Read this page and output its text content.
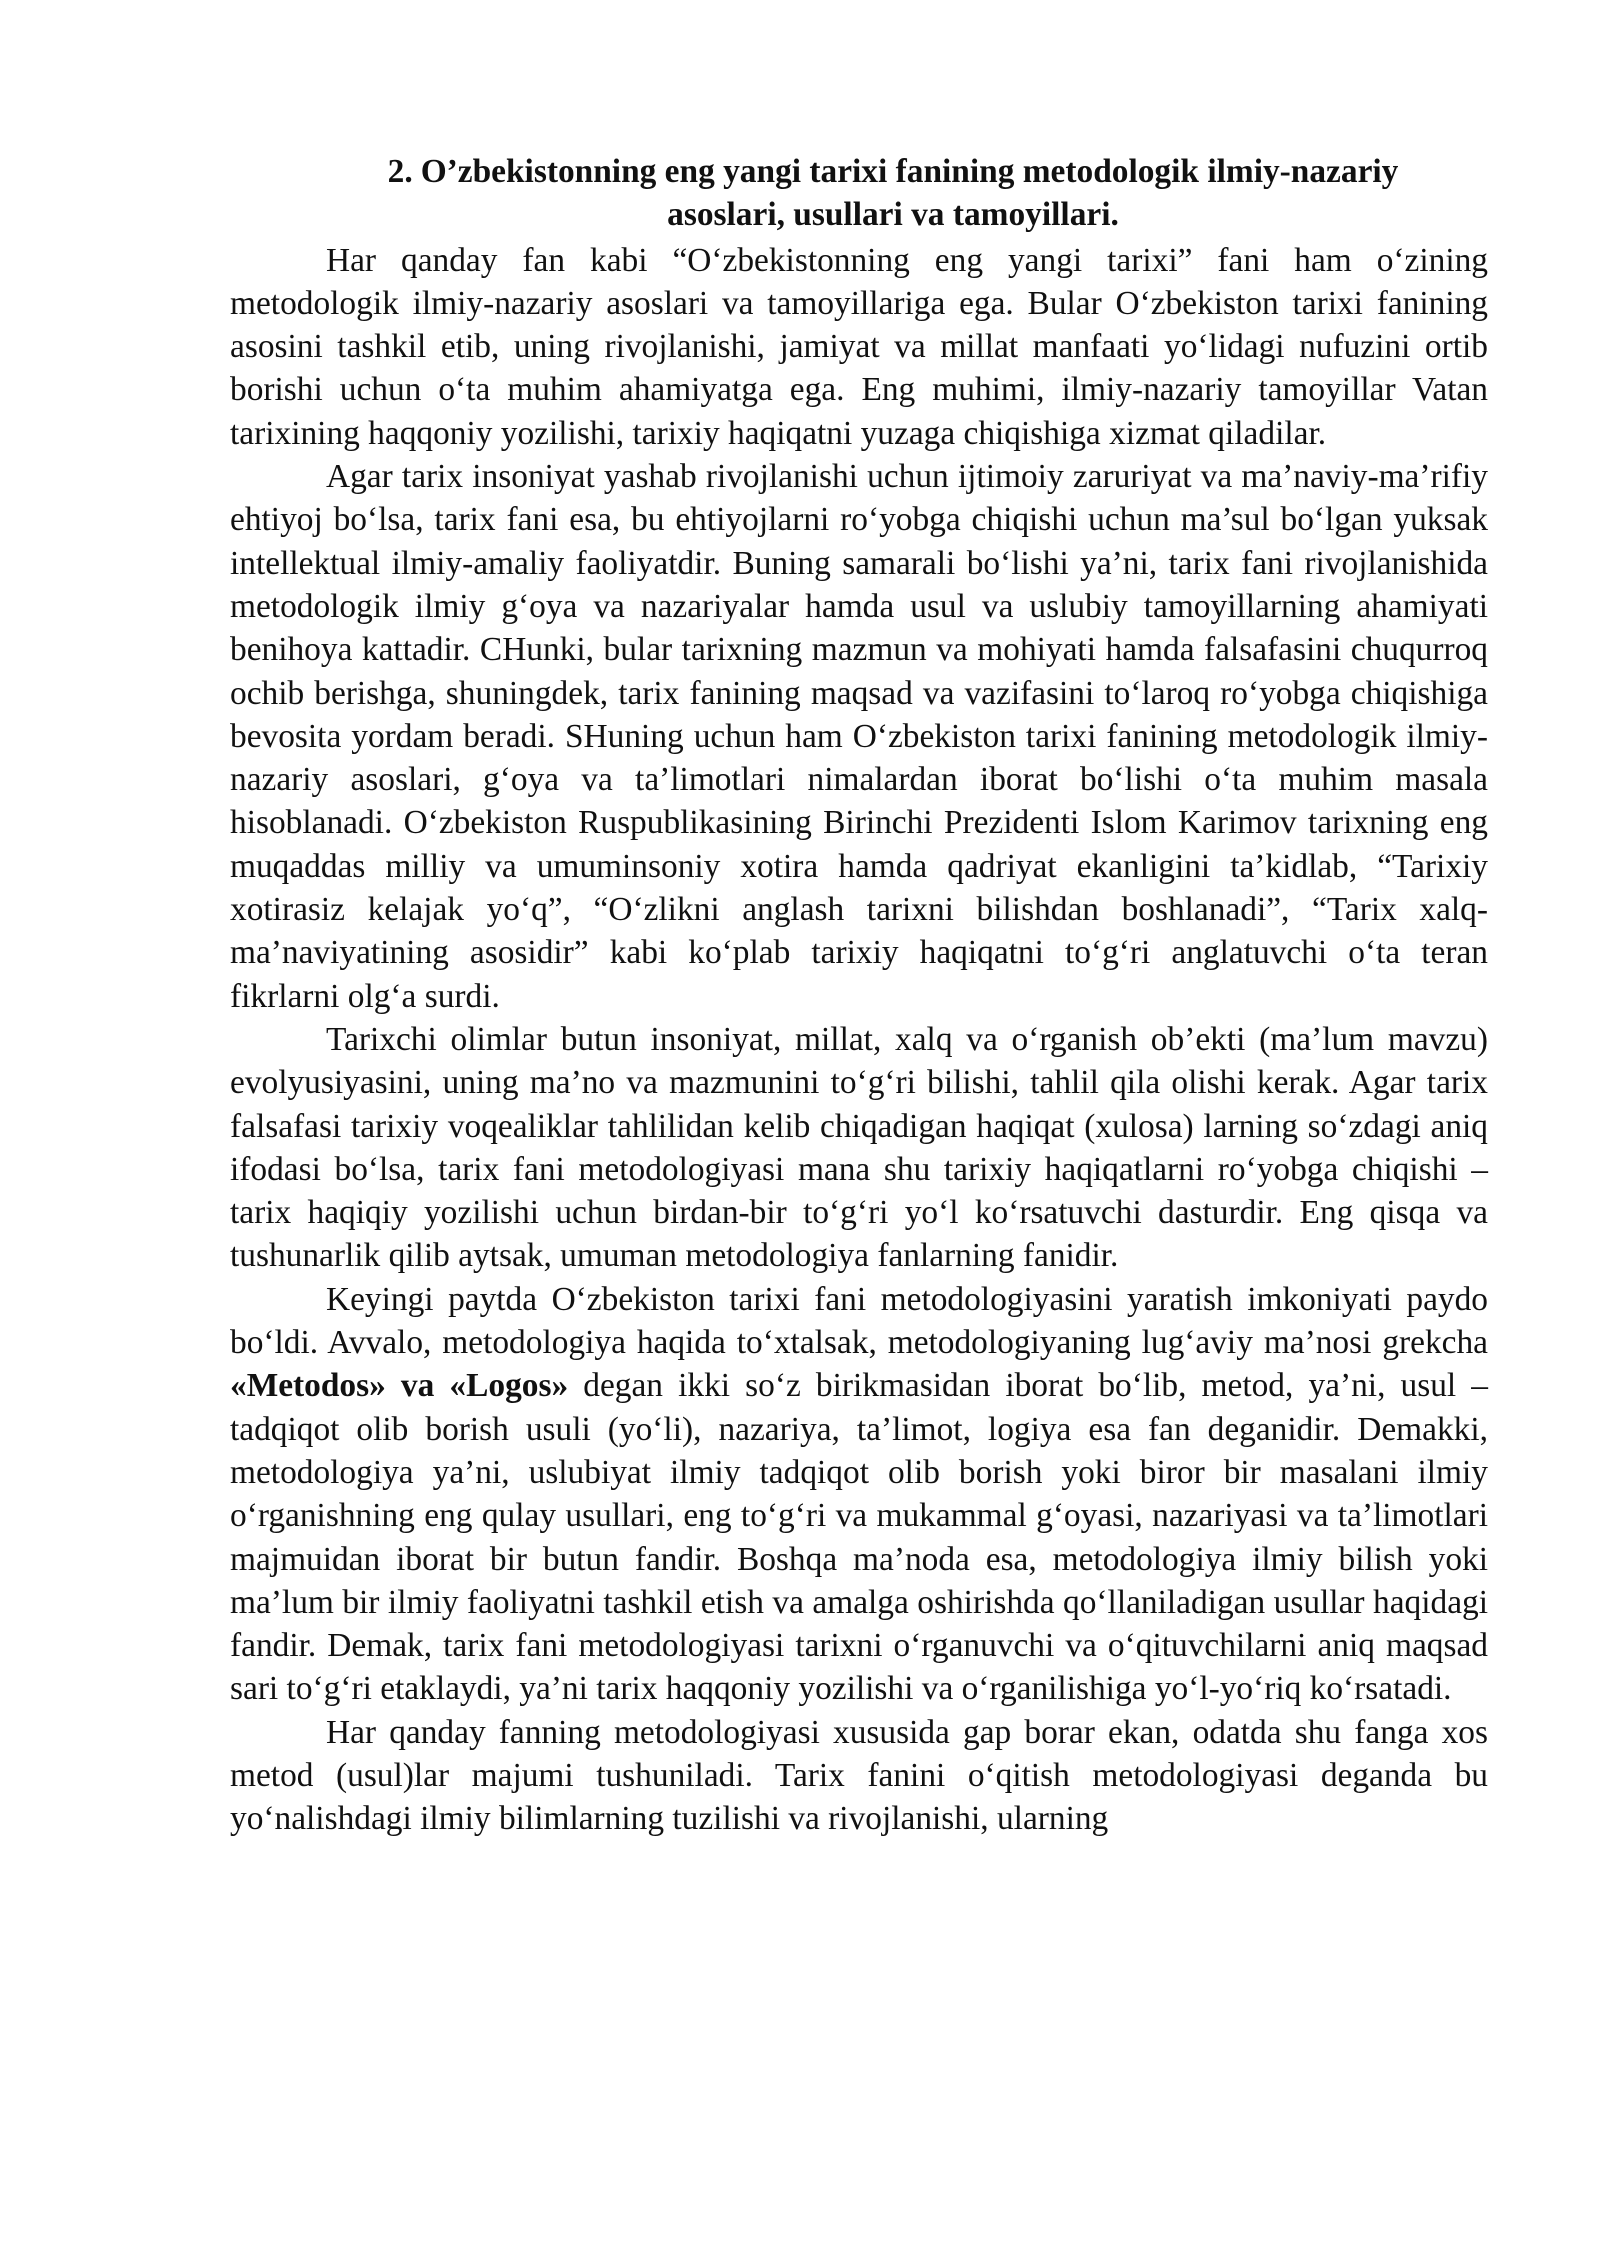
2. O’zbekistonning eng yangi tarixi fanining metodologik ilmiy-nazariy
asoslari, usullari va tamoyillari.

Har qanday fan kabi “O‘zbekistonning eng yangi tarixi” fani ham o‘zining metodologik ilmiy-nazariy asoslari va tamoyillariga ega. Bular O‘zbekiston tarixi fanining asosini tashkil etib, uning rivojlanishi, jamiyat va millat manfaati yo‘lidagi nufuzini ortib borishi uchun o‘ta muhim ahamiyatga ega. Eng muhimi, ilmiy-nazariy tamoyillar Vatan tarixining haqqoniy yozilishi, tarixiy haqiqatni yuzaga chiqishiga xizmat qiladilar.

Agar tarix insoniyat yashab rivojlanishi uchun ijtimoiy zaruriyat va ma’naviy-ma’rifiy ehtiyoj bo‘lsa, tarix fani esa, bu ehtiyojlarni ro‘yobga chiqishi uchun ma’sul bo‘lgan yuksak intellektual ilmiy-amaliy faoliyatdir. Buning samarali bo‘lishi ya’ni, tarix fani rivojlanishida metodologik ilmiy g‘oya va nazariyalar hamda usul va uslubiy tamoyillarning ahamiyati benihoya kattadir. CHunki, bular tarixning mazmun va mohiyati hamda falsafasini chuqurroq ochib berishga, shuningdek, tarix fanining maqsad va vazifasini to‘laroq ro‘yobga chiqishiga bevosita yordam beradi. SHuning uchun ham O‘zbekiston tarixi fanining metodologik ilmiy-nazariy asoslari, g‘oya va ta’limotlari nimalardan iborat bo‘lishi o‘ta muhim masala hisoblanadi. O‘zbekiston Ruspublikasining Birinchi Prezidenti Islom Karimov tarixning eng muqaddas milliy va umuminsoniy xotira hamda qadriyat ekanligini ta’kidlab, “Tarixiy xotirasiz kelajak yo‘q”, “O‘zlikni anglash tarixni bilishdan boshlanadi”, “Tarix xalq-ma’naviyatining asosidir” kabi ko‘plab tarixiy haqiqatni to‘g‘ri anglatuvchi o‘ta teran fikrlarni olg‘a surdi.

Tarixchi olimlar butun insoniyat, millat, xalq va o‘rganish ob’ekti (ma’lum mavzu) evolyusiyasini, uning ma’no va mazmunini to‘g‘ri bilishi, tahlil qila olishi kerak. Agar tarix falsafasi tarixiy voqealiklar tahlilidan kelib chiqadigan haqiqat (xulosa) larning so‘zdagi aniq ifodasi bo‘lsa, tarix fani metodologiyasi mana shu tarixiy haqiqatlarni ro‘yobga chiqishi – tarix haqiqiy yozilishi uchun birdan-bir to‘g‘ri yo‘l ko‘rsatuvchi dasturdir. Eng qisqa va tushunarlik qilib aytsak, umuman metodologiya fanlarning fanidir.

Keyingi paytda O‘zbekiston tarixi fani metodologiyasini yaratish imkoniyati paydo bo‘ldi. Avvalo, metodologiya haqida to‘xtalsak, metodologiyaning lug‘aviy ma’nosi grekcha «Metodos» va «Logos» degan ikki so‘z birikmasidan iborat bo‘lib, metod, ya’ni, usul – tadqiqot olib borish usuli (yo‘li), nazariya, ta’limot, logiya esa fan deganidir. Demakki, metodologiya ya’ni, uslubiyat ilmiy tadqiqot olib borish yoki biror bir masalani ilmiy o‘rganishning eng qulay usullari, eng to‘g‘ri va mukammal g‘oyasi, nazariyasi va ta’limotlari majmuidan iborat bir butun fandir. Boshqa ma’noda esa, metodologiya ilmiy bilish yoki ma’lum bir ilmiy faoliyatni tashkil etish va amalga oshirishda qo‘llaniladigan usullar haqidagi fandir. Demak, tarix fani metodologiyasi tarixni o‘rganuvchi va o‘qituvchilarni aniq maqsad sari to‘g‘ri etaklaydi, ya’ni tarix haqqoniy yozilishi va o‘rganilishiga yo‘l-yo‘riq ko‘rsatadi.

Har qanday fanning metodologiyasi xususida gap borar ekan, odatda shu fanga xos metod (usul)lar majumi tushuniladi. Tarix fanini o‘qitish metodologiyasi deganda bu yo‘nalishdagi ilmiy bilimlarning tuzilishi va rivojlanishi, ularning
